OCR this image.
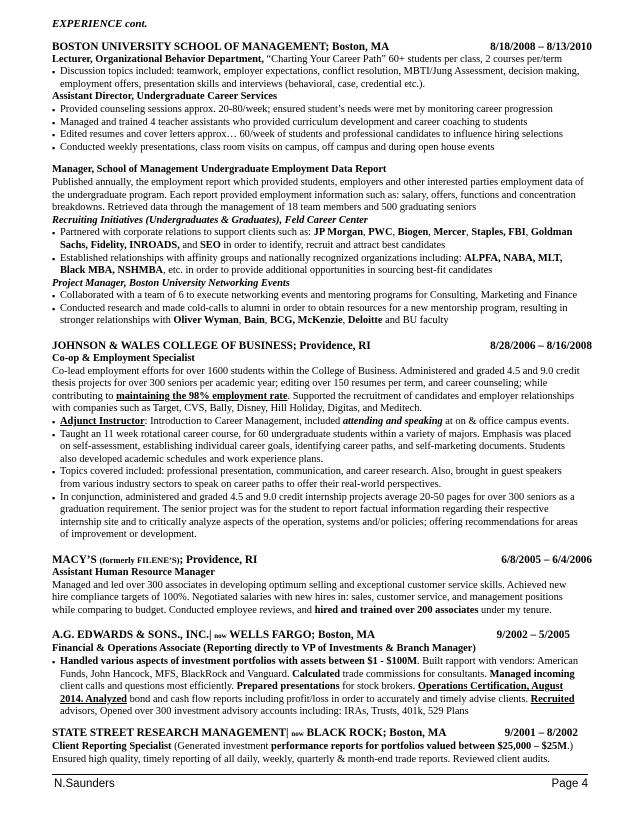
EXPERIENCE cont.
BOSTON UNIVERSITY SCHOOL OF MANAGEMENT; Boston, MA	8/18/2008 – 8/13/2010
Lecturer, Organizational Behavior Department, “Charting Your Career Path” 60+ students per class, 2 courses per/term
▪ Discussion topics included: teamwork, employer expectations, conflict resolution, MBTI/Jung Assessment, decision making,
employment offers, presentation skills and interviews (behavioral, case, credential etc.).
Assistant Director, Undergraduate Career Services
▪ Provided counseling sessions approx. 20-80/week; ensured student’s needs were met by monitoring career progression
▪ Managed and trained 4 teacher assistants who provided curriculum development and career coaching to students
▪ Edited resumes and cover letters approx… 60/week of students and professional candidates to influence hiring selections
▪ Conducted weekly presentations, class room visits on campus, off campus and during open house events
Manager, School of Management Undergraduate Employment Data Report
Published annually, the employment report which provided students, employers and other interested parties employment data of
the undergraduate program. Each report provided employment information such as: salary, offers, functions and concentration
breakdowns. Retrieved data through the management of 18 team members and 500 graduating seniors
Recruiting Initiatives (Undergraduates & Graduates), Feld Career Center
▪ Partnered with corporate relations to support clients such as: JP Morgan, PWC, Biogen, Mercer, Staples, FBI, Goldman
Sachs, Fidelity, INROADS, and SEO in order to identify, recruit and attract best candidates
▪ Established relationships with affinity groups and nationally recognized organizations including: ALPFA, NABA, MLT,
Black MBA, NSHMBA, etc. in order to provide additional opportunities in sourcing best-fit candidates
Project Manager, Boston University Networking Events
▪ Collaborated with a team of 6 to execute networking events and mentoring programs for Consulting, Marketing and Finance
▪ Conducted research and made cold-calls to alumni in order to obtain resources for a new mentorship program, resulting in
stronger relationships with Oliver Wyman, Bain, BCG, McKenzie, Deloitte and BU faculty
JOHNSON & WALES COLLEGE OF BUSINESS; Providence, RI	8/28/2006 – 8/16/2008
Co-op & Employment Specialist
Co-lead employment efforts for over 1600 students within the College of Business. Administered and graded 4.5 and 9.0 credit
thesis projects for over 300 seniors per academic year; editing over 150 resumes per term, and career counseling; while
contributing to maintaining the 98% employment rate. Supported the recruitment of candidates and employer relationships
with companies such as Target, CVS, Bally, Disney, Hill Holiday, Digitas, and Meditech.
▪ Adjunct Instructor: Introduction to Career Management, included attending and speaking at on & office campus events.
▪ Taught an 11 week rotational career course, for 60 undergraduate students within a variety of majors. Emphasis was placed
on self-assessment, establishing individual career goals, identifying career paths, and self-marketing documents. Students
also developed academic schedules and work experience plans.
▪ Topics covered included: professional presentation, communication, and career research. Also, brought in guest speakers
from various industry sectors to speak on career paths to offer their real-world perspectives.
▪ In conjunction, administered and graded 4.5 and 9.0 credit internship projects average 20-50 pages for over 300 seniors as a
graduation requirement. The senior project was for the student to report factual information regarding their respective
internship site and to critically analyze aspects of the operation, systems and/or policies; offering recommendations for areas
of improvement or development.
MACY’S (formerly FILENE’S); Providence, RI	6/8/2005 – 6/4/2006
Assistant Human Resource Manager
Managed and led over 300 associates in developing optimum selling and exceptional customer service skills. Achieved new
hire compliance targets of 100%. Negotiated salaries with new hires in: sales, customer service, and management positions
while comparing to budget. Conducted employee reviews, and hired and trained over 200 associates under my tenure.
A.G. EDWARDS & SONS., INC.| now WELLS FARGO; Boston, MA	9/2002 – 5/2005
Financial & Operations Associate (Reporting directly to VP of Investments & Branch Manager)
▪ Handled various aspects of investment portfolios with assets between $1 - $100M. Built rapport with vendors: American
Funds, John Hancock, MFS, BlackRock and Vanguard. Calculated trade commissions for consultants. Managed incoming
client calls and questions most efficiently. Prepared presentations for stock brokers. Operations Certification, August
2014. Analyzed bond and cash flow reports including profit/loss in order to accurately and timely advise clients. Recruited
advisors, Opened over 300 investment advisory accounts including: IRAs, Trusts, 401k, 529 Plans
STATE STREET RESEARCH MANAGEMENT| now BLACK ROCK; Boston, MA	9/2001 – 8/2002
Client Reporting Specialist (Generated investment performance reports for portfolios valued between $25,000 – $25M.)
Ensured high quality, timely reporting of all daily, weekly, quarterly & month-end trade reports. Reviewed client audits.
N.Saunders	Page 4
